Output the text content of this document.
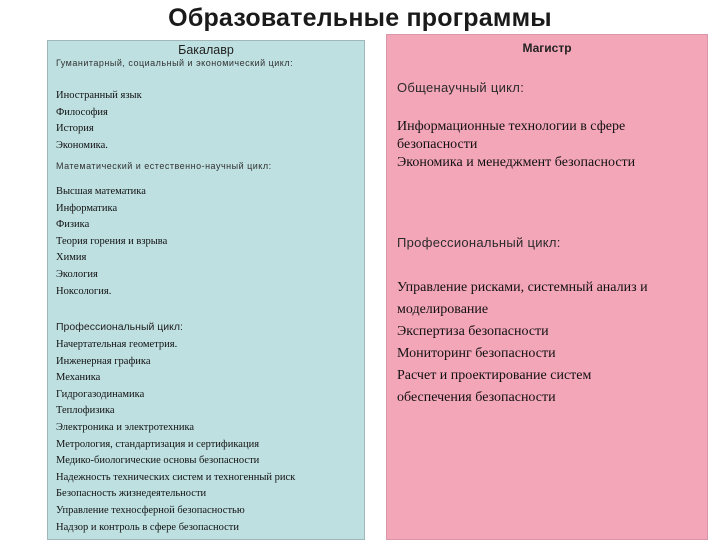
Образовательные программы
Бакалавр
Гуманитарный, социальный и экономический цикл:
Иностранный язык
Философия
История
Экономика.
Математический и естественно-научный цикл:
Высшая математика
Информатика
Физика
Теория горения и взрыва
Химия
Экология
Ноксология.
Профессиональный цикл:
Начертательная геометрия.
Инженерная графика
Механика
Гидрогазодинамика
Теплофизика
Электроника и электротехника
Метрология, стандартизация и сертификация
Медико-биологические основы безопасности
Надежность технических систем и техногенный риск
Безопасность жизнедеятельности
Управление техносферной безопасностью
Надзор и контроль в сфере безопасности
Магистр
Общенаучный цикл:
Информационные технологии в сфере безопасности
Экономика и менеджмент безопасности
Профессиональный цикл:
Управление рисками, системный анализ и моделирование
Экспертиза безопасности
Мониторинг безопасности
Расчет и проектирование систем обеспечения безопасности
